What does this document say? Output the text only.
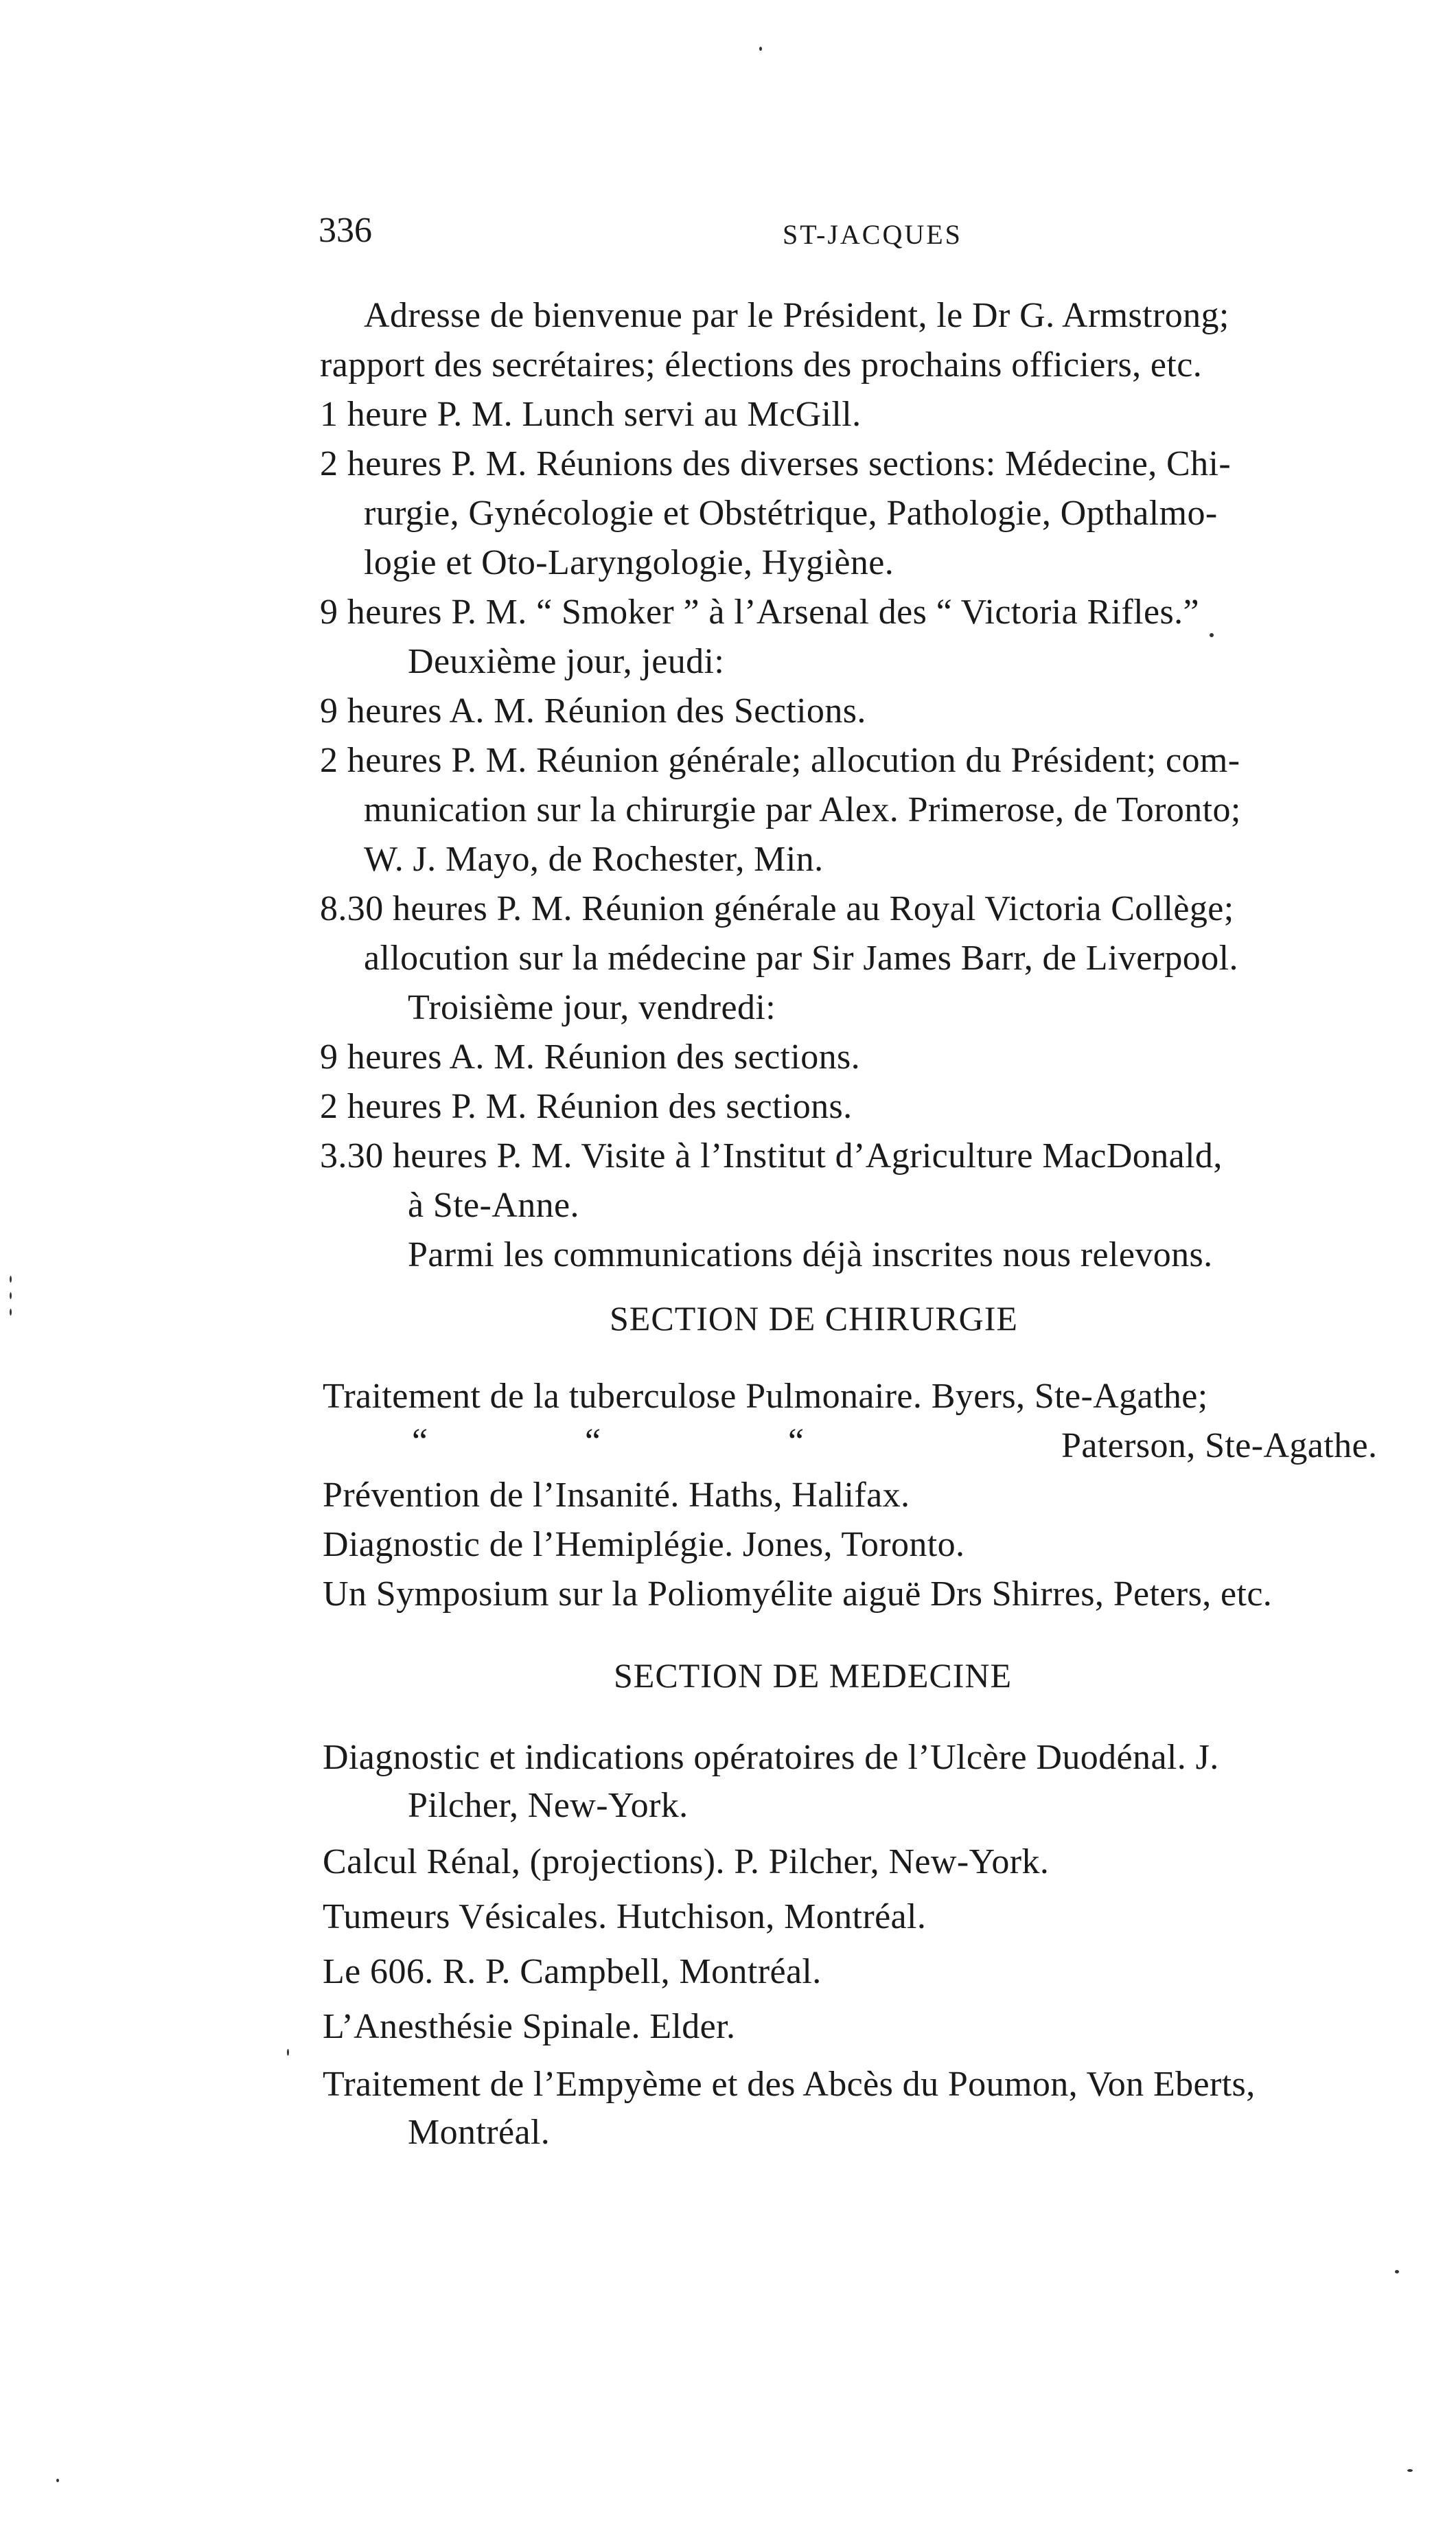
336	ST-JACQUES
Adresse de bienvenue par le Président, le Dr G. Armstrong;
rapport des secrétaires; élections des prochains officiers, etc.
1 heure P. M. Lunch servi au McGill.
2 heures P. M. Réunions des diverses sections: Médecine, Chi-
rurgie, Gynécologie et Obstétrique, Pathologie, Opthalmo-
logie et Oto-Laryngologie, Hygiène.
9 heures P. M. “ Smoker ” à l’Arsenal des “ Victoria Rifles.”
Deuxième jour, jeudi:
9 heures A. M. Réunion des Sections.
2 heures P. M. Réunion générale; allocution du Président; com-
munication sur la chirurgie par Alex. Primerose, de Toronto;
W. J. Mayo, de Rochester, Min.
8.30 heures P. M. Réunion générale au Royal Victoria Collège;
allocution sur la médecine par Sir James Barr, de Liverpool.
Troisième jour, vendredi:
9 heures A. M. Réunion des sections.
2 heures P. M. Réunion des sections.
3.30 heures P. M. Visite à l’Institut d’Agriculture MacDonald,
à Ste-Anne.
Parmi les communications déjà inscrites nous relevons.
SECTION DE CHIRURGIE
Traitement de la tuberculose Pulmonaire. Byers, Ste-Agathe;
“	“	“	Paterson, Ste-Agathe.
Prévention de l’Insanité. Haths, Halifax.
Diagnostic de l’Hemiplégie. Jones, Toronto.
Un Symposium sur la Poliomyélite aiguë Drs Shirres, Peters, etc.
SECTION DE MEDECINE
Diagnostic et indications opératoires de l’Ulcère Duodénal. J.
Pilcher, New-York.
Calcul Rénal, (projections). P. Pilcher, New-York.
Tumeurs Vésicales. Hutchison, Montréal.
Le 606. R. P. Campbell, Montréal.
L’Anesthésie Spinale. Elder.
Traitement de l’Empyème et des Abcès du Poumon, Von Eberts,
Montréal.
